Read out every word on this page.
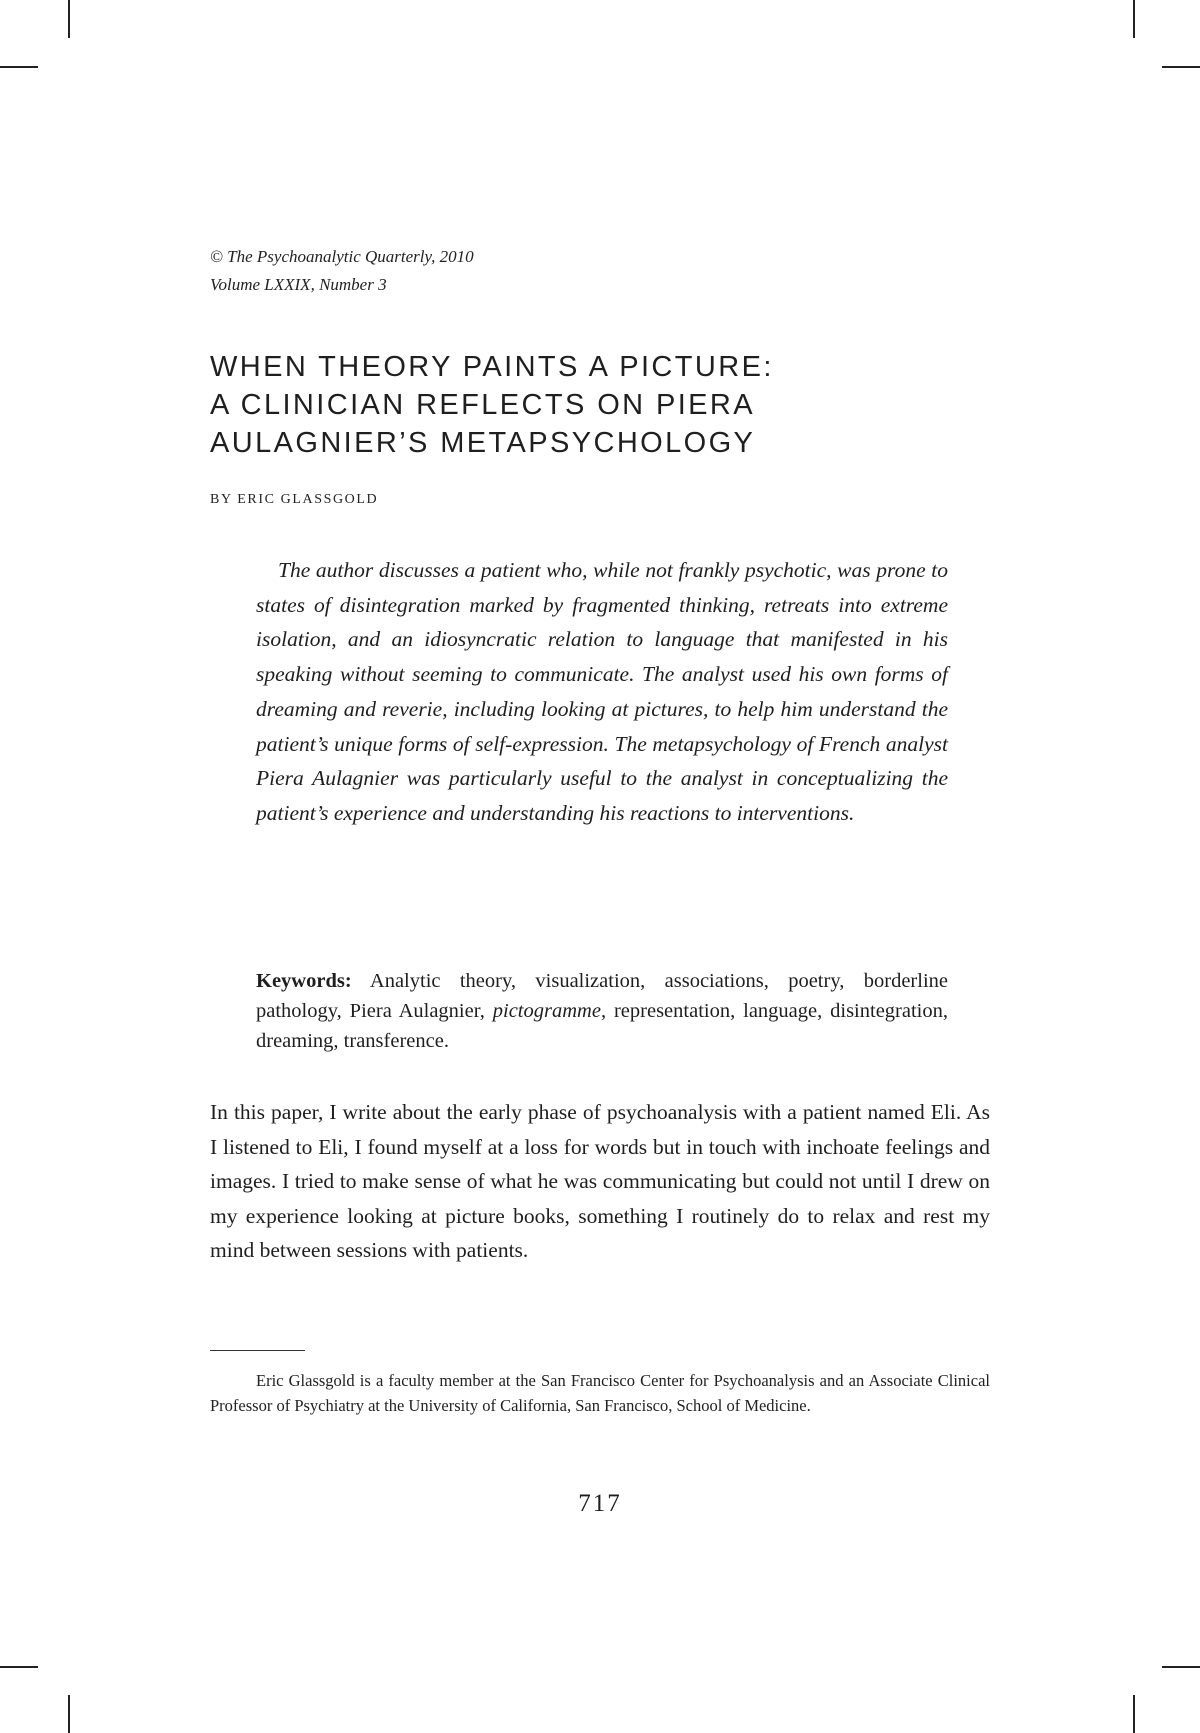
© The Psychoanalytic Quarterly, 2010
Volume LXXIX, Number 3
WHEN THEORY PAINTS A PICTURE:
A CLINICIAN REFLECTS ON PIERA
AULAGNIER’S METAPSYCHOLOGY
BY ERIC GLASSGOLD

The author discusses a patient who, while not frankly psychotic, was prone to states of disintegration marked by fragmented thinking, retreats into extreme isolation, and an idiosyncratic relation to language that manifested in his speaking without seeming to communicate. The analyst used his own forms of dreaming and reverie, including looking at pictures, to help him understand the patient’s unique forms of self-expression. The metapsychology of French analyst Piera Aulagnier was particularly useful to the analyst in conceptualizing the patient’s experience and understanding his reactions to interventions.

Keywords: Analytic theory, visualization, associations, poetry, borderline pathology, Piera Aulagnier, pictogramme, representation, language, disintegration, dreaming, transference.

In this paper, I write about the early phase of psychoanalysis with a patient named Eli. As I listened to Eli, I found myself at a loss for words but in touch with inchoate feelings and images. I tried to make sense of what he was communicating but could not until I drew on my experience looking at picture books, something I routinely do to relax and rest my mind between sessions with patients.

Eric Glassgold is a faculty member at the San Francisco Center for Psychoanalysis and an Associate Clinical Professor of Psychiatry at the University of California, San Francisco, School of Medicine.

717
